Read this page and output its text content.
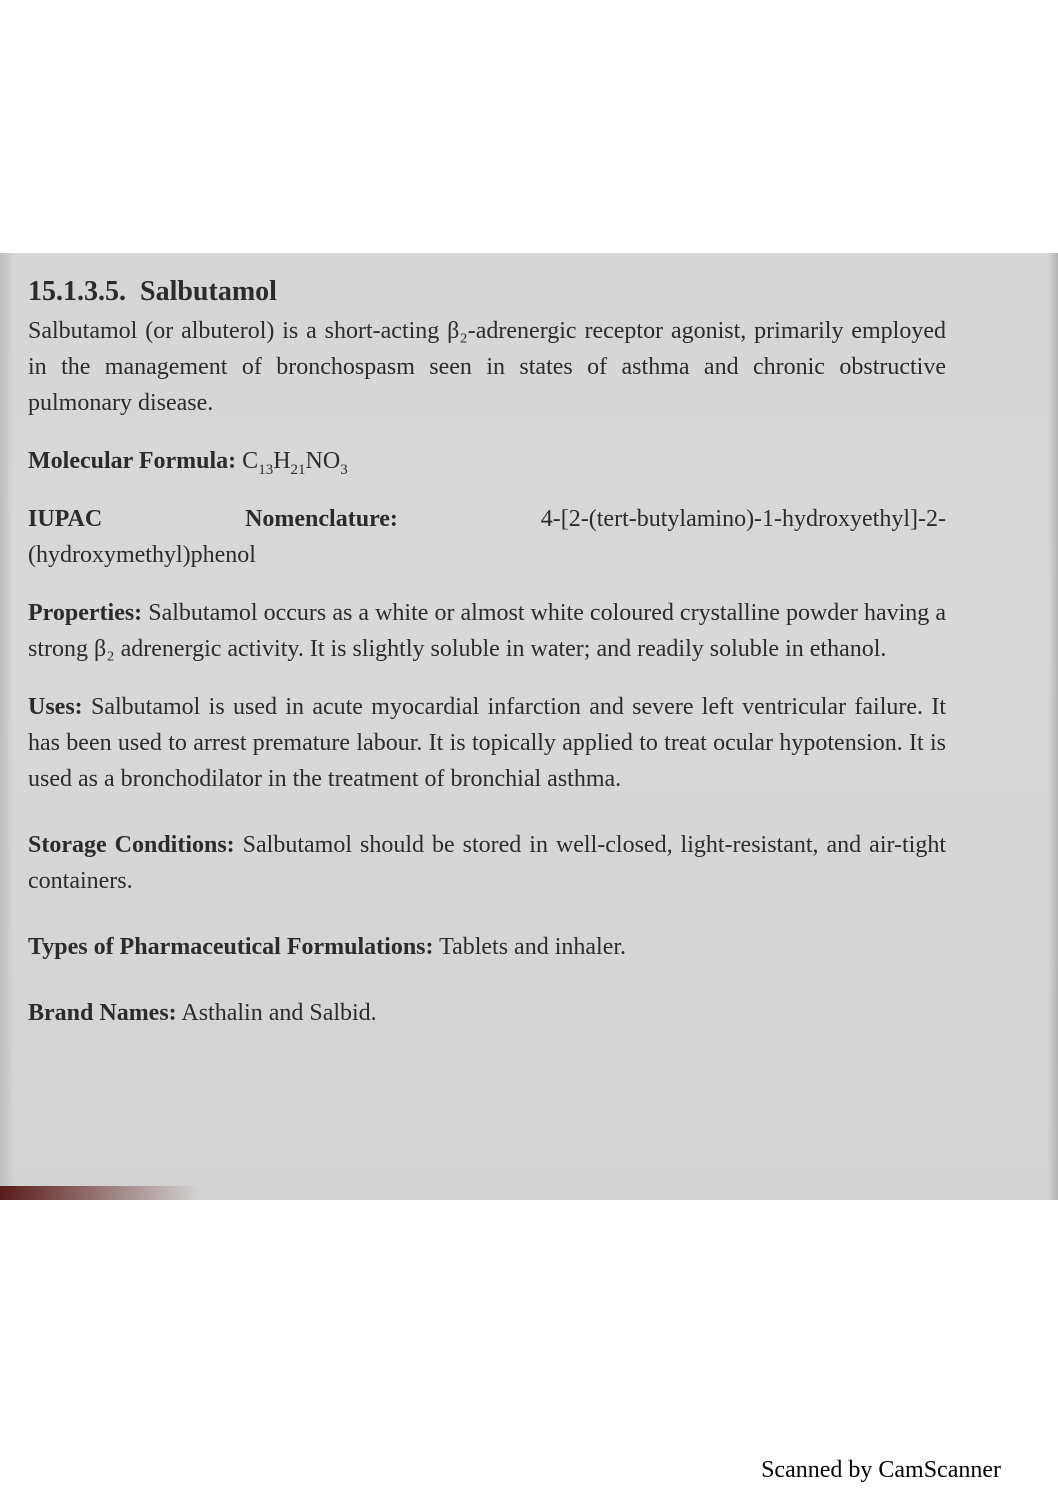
15.1.3.5. Salbutamol

Salbutamol (or albuterol) is a short-acting β₂-adrenergic receptor agonist, primarily employed in the management of bronchospasm seen in states of asthma and chronic obstructive pulmonary disease.

Molecular Formula: $C_{13}H_{21}NO_3$

IUPAC	Nomenclature:	4-[2-(tert-butylamino)-1-hydroxyethyl]-2-
(hydroxymethyl)phenol

Properties: Salbutamol occurs as a white or almost white coloured crystalline powder having a strong β₂ adrenergic activity. It is slightly soluble in water; and readily soluble in ethanol.

Uses: Salbutamol is used in acute myocardial infarction and severe left ventricular failure. It has been used to arrest premature labour. It is topically applied to treat ocular hypotension. It is used as a bronchodilator in the treatment of bronchial asthma.

Storage Conditions: Salbutamol should be stored in well-closed, light-resistant, and air-tight containers.

Types of Pharmaceutical Formulations: Tablets and inhaler.

Brand Names: Asthalin and Salbid.

Scanned by CamScanner
